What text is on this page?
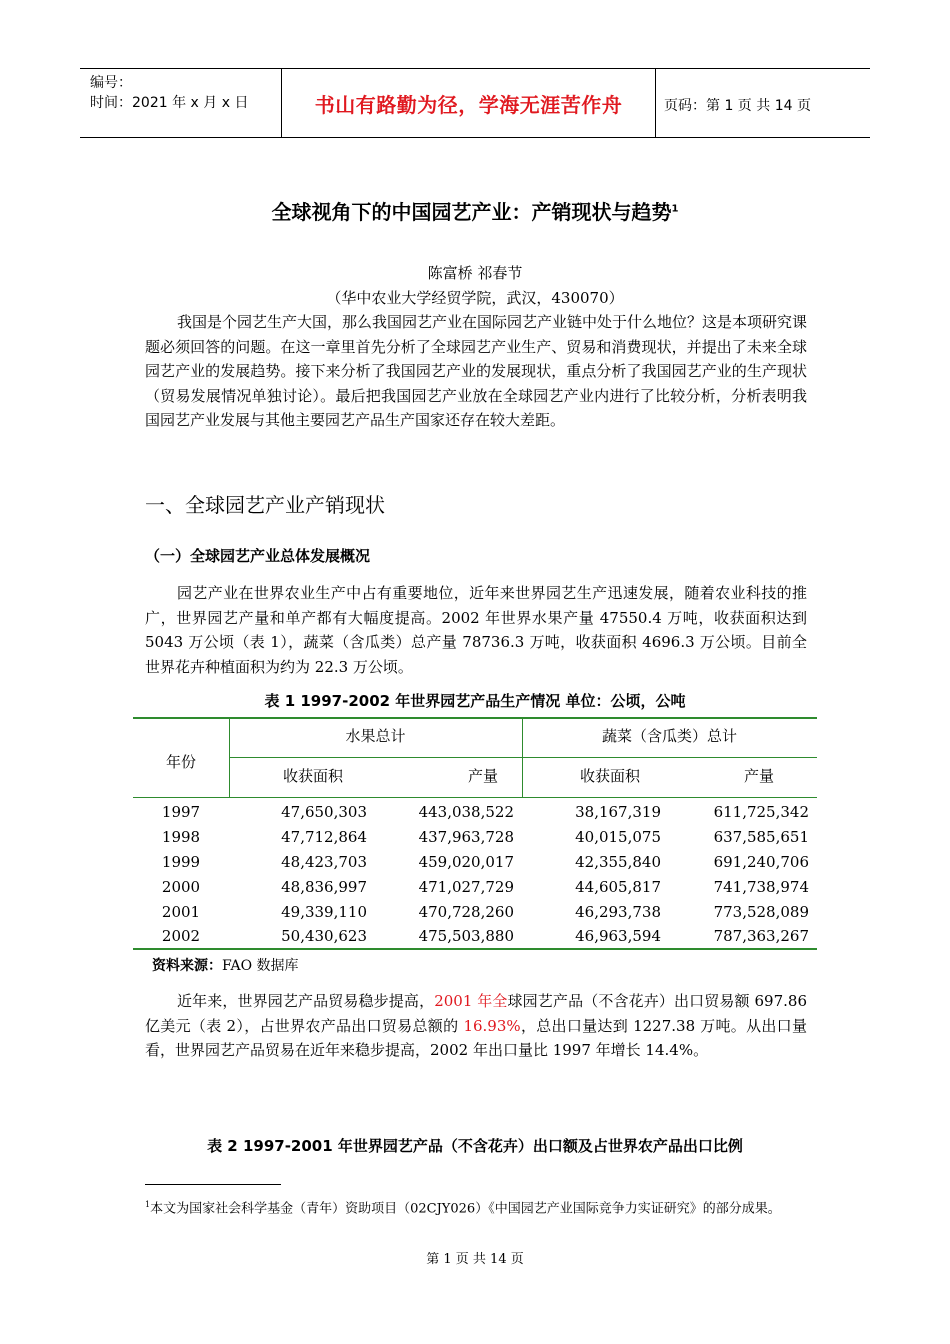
编号：
时间：2021 年 x 月 x 日	书山有路勤为径，学海无涯苦作舟	页码：第 1 页 共 14 页
全球视角下的中国园艺产业：产销现状与趋势$^1$
陈富桥 祁春节
（华中农业大学经贸学院，武汉，430070）

我国是个园艺生产大国，那么我国园艺产业在国际园艺产业链中处于什么地位？这是本项研究课题必须回答的问题。在这一章里首先分析了全球园艺产业生产、贸易和消费现状，并提出了未来全球园艺产业的发展趋势。接下来分析了我国园艺产业的发展现状，重点分析了我国园艺产业的生产现状（贸易发展情况单独讨论）。最后把我国园艺产业放在全球园艺产业内进行了比较分析，分析表明我国园艺产业发展与其他主要园艺产品生产国家还存在较大差距。

一、全球园艺产业产销现状
（一）全球园艺产业总体发展概况

园艺产业在世界农业生产中占有重要地位，近年来世界园艺生产迅速发展，随着农业科技的推广，世界园艺产量和单产都有大幅度提高。2002 年世界水果产量 47550.4 万吨，收获面积达到 5043 万公顷（表 1），蔬菜（含瓜类）总产量 78736.3 万吨，收获面积 4696.3 万公顷。目前全世界花卉种植面积为约为 22.3 万公顷。

表 1 1997-2002 年世界园艺产品生产情况 单位：公顷，公吨
年份
水果总计	蔬菜（含瓜类）总计
收获面积	产量	收获面积	产量
1997	47,650,303	443,038,522	38,167,319	611,725,342
1998	47,712,864	437,963,728	40,015,075	637,585,651
1999	48,423,703	459,020,017	42,355,840	691,240,706
2000	48,836,997	471,027,729	44,605,817	741,738,974
2001	49,339,110	470,728,260	46,293,738	773,528,089
2002	50,430,623	475,503,880	46,963,594	787,363,267
资料来源：FAO 数据库

近年来，世界园艺产品贸易稳步提高，2001 年全球园艺产品（不含花卉）出口贸易额 697.86 亿美元（表 2），占世界农产品出口贸易总额的 16.93%，总出口量达到 1227.38 万吨。从出口量看，世界园艺产品贸易在近年来稳步提高，2002 年出口量比 1997 年增长 14.4%。

表 2 1997-2001 年世界园艺产品（不含花卉）出口额及占世界农产品出口比例
$^1$本文为国家社会科学基金（青年）资助项目（02CJY026）《中国园艺产业国际竞争力实证研究》的部分成果。
第 1 页 共 14 页
